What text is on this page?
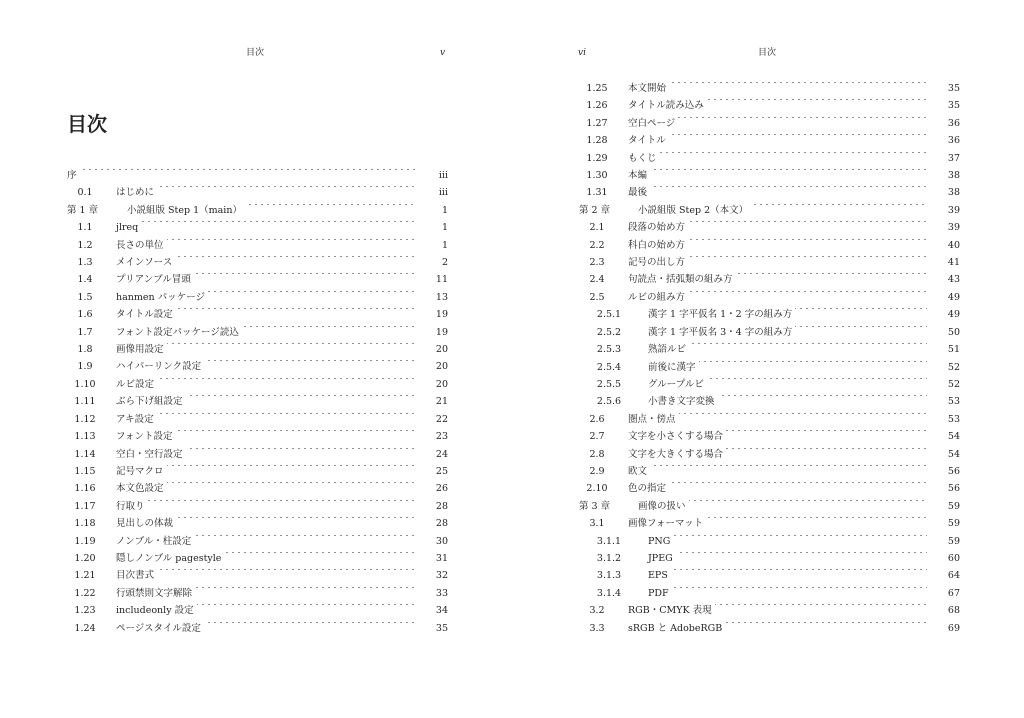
目次	v
目次
序	iii
0.1	はじめに	iii
第 1 章	小説組版 Step 1（main）	1
1.1	jlreq	1
1.2	長さの単位	1
1.3	メインソース	2
1.4	プリアンブル冒頭	11
1.5	hanmen パッケージ	13
1.6	タイトル設定	19
1.7	フォント設定パッケージ読込	19
1.8	画像用設定	20
1.9	ハイパーリンク設定	20
1.10	ルビ設定	20
1.11	ぶら下げ組設定	21
1.12	アキ設定	22
1.13	フォント設定	23
1.14	空白・空行設定	24
1.15	記号マクロ	25
1.16	本文色設定	26
1.17	行取り	28
1.18	見出しの体裁	28
1.19	ノンブル・柱設定	30
1.20	隠しノンブル pagestyle	31
1.21	目次書式	32
1.22	行頭禁則文字解除	33
1.23	includeonly 設定	34
1.24	ページスタイル設定	35
vi	目次
1.25	本文開始	35
1.26	タイトル読み込み	35
1.27	空白ページ	36
1.28	タイトル	36
1.29	もくじ	37
1.30	本編	38
1.31	最後	38
第 2 章	小説組版 Step 2（本文）	39
2.1	段落の始め方	39
2.2	科白の始め方	40
2.3	記号の出し方	41
2.4	句読点・括弧類の組み方	43
2.5	ルビの組み方	49
2.5.1	漢字 1 字平仮名 1・2 字の組み方	49
2.5.2	漢字 1 字平仮名 3・4 字の組み方	50
2.5.3	熟語ルビ	51
2.5.4	前後に漢字	52
2.5.5	グループルビ	52
2.5.6	小書き文字変換	53
2.6	圏点・傍点	53
2.7	文字を小さくする場合	54
2.8	文字を大きくする場合	54
2.9	欧文	56
2.10	色の指定	56
第 3 章	画像の扱い	59
3.1	画像フォーマット	59
3.1.1	PNG	59
3.1.2	JPEG	60
3.1.3	EPS	64
3.1.4	PDF	67
3.2	RGB・CMYK 表現	68
3.3	sRGB と AdobeRGB	69
